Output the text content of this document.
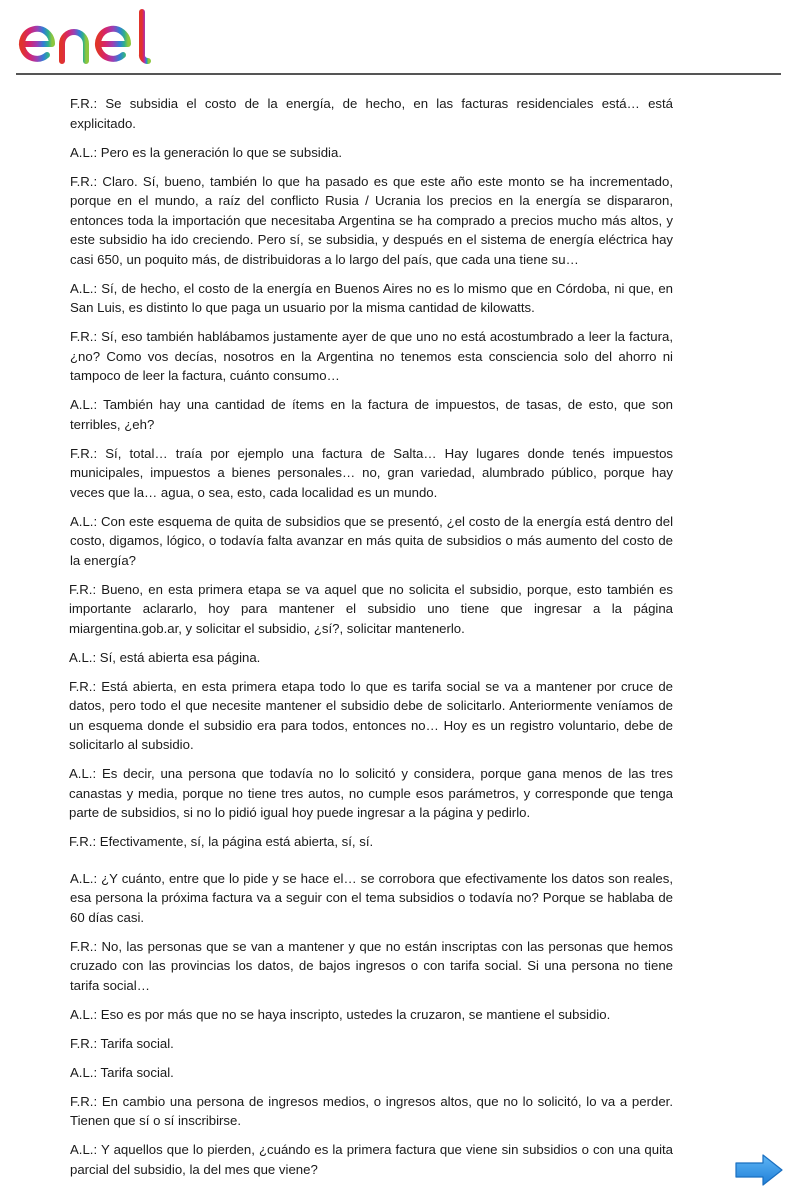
F.R.: Se subsidia el costo de la energía, de hecho, en las facturas residenciales está… está explicitado.

A.L.: Pero es la generación lo que se subsidia.

F.R.: Claro. Sí, bueno, también lo que ha pasado es que este año este monto se ha incrementado, porque en el mundo, a raíz del conflicto Rusia / Ucrania los precios en la energía se dispararon, entonces toda la importación que necesitaba Argentina se ha comprado a precios mucho más altos, y este subsidio ha ido creciendo. Pero sí, se subsidia, y después en el sistema de energía eléctrica hay casi 650, un poquito más, de distribuidoras a lo largo del país, que cada una tiene su…

A.L.: Sí, de hecho, el costo de la energía en Buenos Aires no es lo mismo que en Córdoba, ni que, en San Luis, es distinto lo que paga un usuario por la misma cantidad de kilowatts.

F.R.: Sí, eso también hablábamos justamente ayer de que uno no está acostumbrado a leer la factura, ¿no? Como vos decías, nosotros en la Argentina no tenemos esta consciencia solo del ahorro ni tampoco de leer la factura, cuánto consumo…

A.L.: También hay una cantidad de ítems en la factura de impuestos, de tasas, de esto, que son terribles, ¿eh?

F.R.: Sí, total… traía por ejemplo una factura de Salta… Hay lugares donde tenés impuestos municipales, impuestos a bienes personales… no, gran variedad, alumbrado público, porque hay veces que la… agua, o sea, esto, cada localidad es un mundo.

A.L.: Con este esquema de quita de subsidios que se presentó, ¿el costo de la energía está dentro del costo, digamos, lógico, o todavía falta avanzar en más quita de subsidios o más aumento del costo de la energía?

F.R.: Bueno, en esta primera etapa se va aquel que no solicita el subsidio, porque, esto también es importante aclararlo, hoy para mantener el subsidio uno tiene que ingresar a la página miargentina.gob.ar, y solicitar el subsidio, ¿sí?, solicitar mantenerlo.

A.L.: Sí, está abierta esa página.

F.R.: Está abierta, en esta primera etapa todo lo que es tarifa social se va a mantener por cruce de datos, pero todo el que necesite mantener el subsidio debe de solicitarlo. Anteriormente veníamos de un esquema donde el subsidio era para todos, entonces no… Hoy es un registro voluntario, debe de solicitarlo al subsidio.

A.L.: Es decir, una persona que todavía no lo solicitó y considera, porque gana menos de las tres canastas y media, porque no tiene tres autos, no cumple esos parámetros, y corresponde que tenga parte de subsidios, si no lo pidió igual hoy puede ingresar a la página y pedirlo.

F.R.: Efectivamente, sí, la página está abierta, sí, sí.

A.L.: ¿Y cuánto, entre que lo pide y se hace el… se corrobora que efectivamente los datos son reales, esa persona la próxima factura va a seguir con el tema subsidios o todavía no? Porque se hablaba de 60 días casi.

F.R.: No, las personas que se van a mantener y que no están inscriptas con las personas que hemos cruzado con las provincias los datos, de bajos ingresos o con tarifa social. Si una persona no tiene tarifa social…

A.L.: Eso es por más que no se haya inscripto, ustedes la cruzaron, se mantiene el subsidio.

F.R.: Tarifa social.

A.L.: Tarifa social.

F.R.: En cambio una persona de ingresos medios, o ingresos altos, que no lo solicitó, lo va a perder. Tienen que sí o sí inscribirse.

A.L.: Y aquellos que lo pierden, ¿cuándo es la primera factura que viene sin subsidios o con una quita parcial del subsidio, la del mes que viene?
